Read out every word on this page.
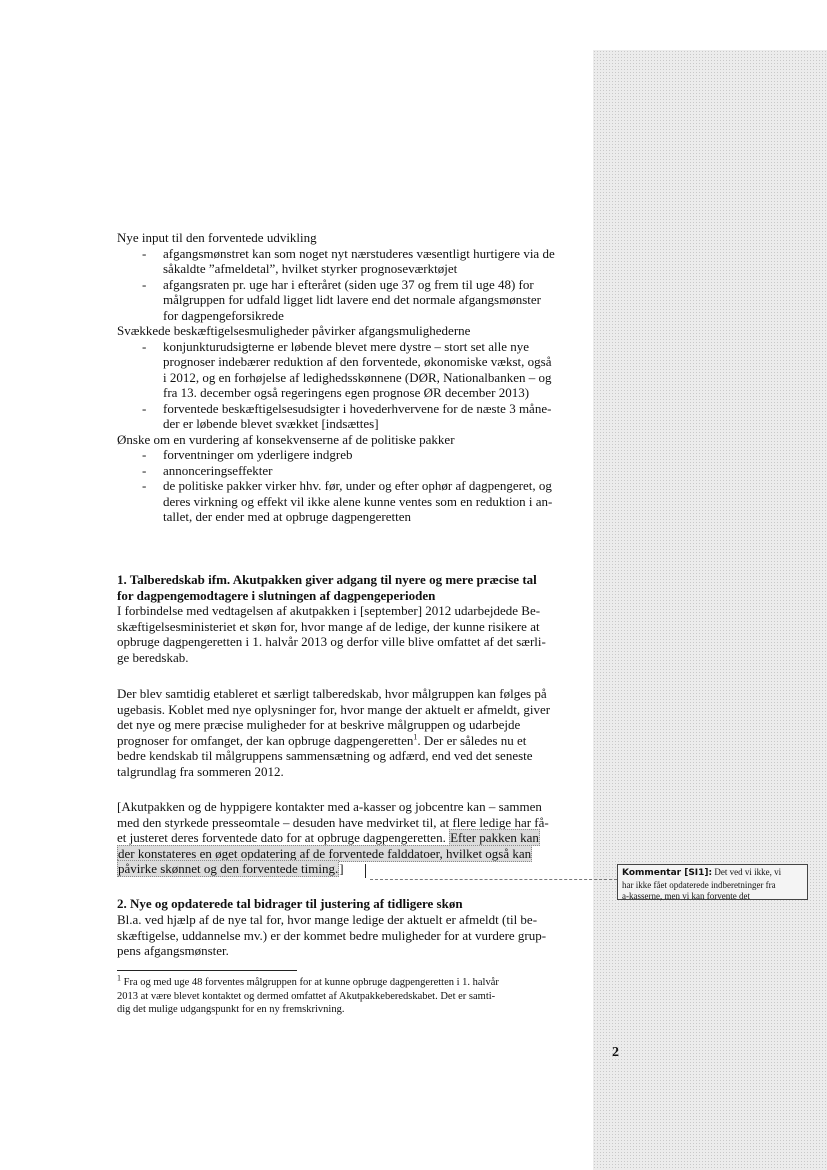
Nye input til den forventede udvikling
- afgangsmønstret kan som noget nyt nærstuderes væsentligt hurtigere via de
såkaldte ”afmeldetal”, hvilket styrker prognoseværktøjet
- afgangsraten pr. uge har i efteråret (siden uge 37 og frem til uge 48) for
målgruppen for udfald ligget lidt lavere end det normale afgangsmønster
for dagpengeforsikrede
Svækkede beskæftigelsesmuligheder påvirker afgangsmulighederne
- konjunkturudsigterne er løbende blevet mere dystre – stort set alle nye
prognoser indebærer reduktion af den forventede, økonomiske vækst, også
i 2012, og en forhøjelse af ledighedsskønnene (DØR, Nationalbanken – og
fra 13. december også regeringens egen prognose ØR december 2013)
- forventede beskæftigelsesudsigter i hovederhvervene for de næste 3 måne-
der er løbende blevet svækket [indsættes]
Ønske om en vurdering af konsekvenserne af de politiske pakker
- forventninger om yderligere indgreb
- annonceringseffekter
- de politiske pakker virker hhv. før, under og efter ophør af dagpengeret, og
deres virkning og effekt vil ikke alene kunne ventes som en reduktion i an-
tallet, der ender med at opbruge dagpengeretten
1. Talberedskab ifm. Akutpakken giver adgang til nyere og mere præcise tal
for dagpengemodtagere i slutningen af dagpengeperioden
I forbindelse med vedtagelsen af akutpakken i [september] 2012 udarbejdede Be-
skæftigelsesministeriet et skøn for, hvor mange af de ledige, der kunne risikere at
opbruge dagpengeretten i 1. halvår 2013 og derfor ville blive omfattet af det særli-
ge beredskab.
Der blev samtidig etableret et særligt talberedskab, hvor målgruppen kan følges på
ugebasis. Koblet med nye oplysninger for, hvor mange der aktuelt er afmeldt, giver
det nye og mere præcise muligheder for at beskrive målgruppen og udarbejde
prognoser for omfanget, der kan opbruge dagpengeretten$^1$. Der er således nu et
bedre kendskab til målgruppens sammensætning og adfærd, end ved det seneste
talgrundlag fra sommeren 2012.
[Akutpakken og de hyppigere kontakter med a-kasser og jobcentre kan – sammen
med den styrkede presseomtale – desuden have medvirket til, at flere ledige har få-
et justeret deres forventede dato for at opbruge dagpengeretten. Efter pakken kan
der konstateres en øget opdatering af de forventede falddatoer, hvilket også kan
påvirke skønnet og den forventede timing.]	Kommentar [SI1]: Det ved vi ikke, vi
har ikke fået opdaterede indberetninger fra
a-kasserne, men vi kan forvente det
2. Nye og opdaterede tal bidrager til justering af tidligere skøn
Bl.a. ved hjælp af de nye tal for, hvor mange ledige der aktuelt er afmeldt (til be-
skæftigelse, uddannelse mv.) er der kommet bedre muligheder for at vurdere grup-
pens afgangsmønster.
$^1$ Fra og med uge 48 forventes målgruppen for at kunne opbruge dagpengeretten i 1. halvår
2013 at være blevet kontaktet og dermed omfattet af Akutpakkeberedskabet. Det er samti-
dig det mulige udgangspunkt for en ny fremskrivning.
2
